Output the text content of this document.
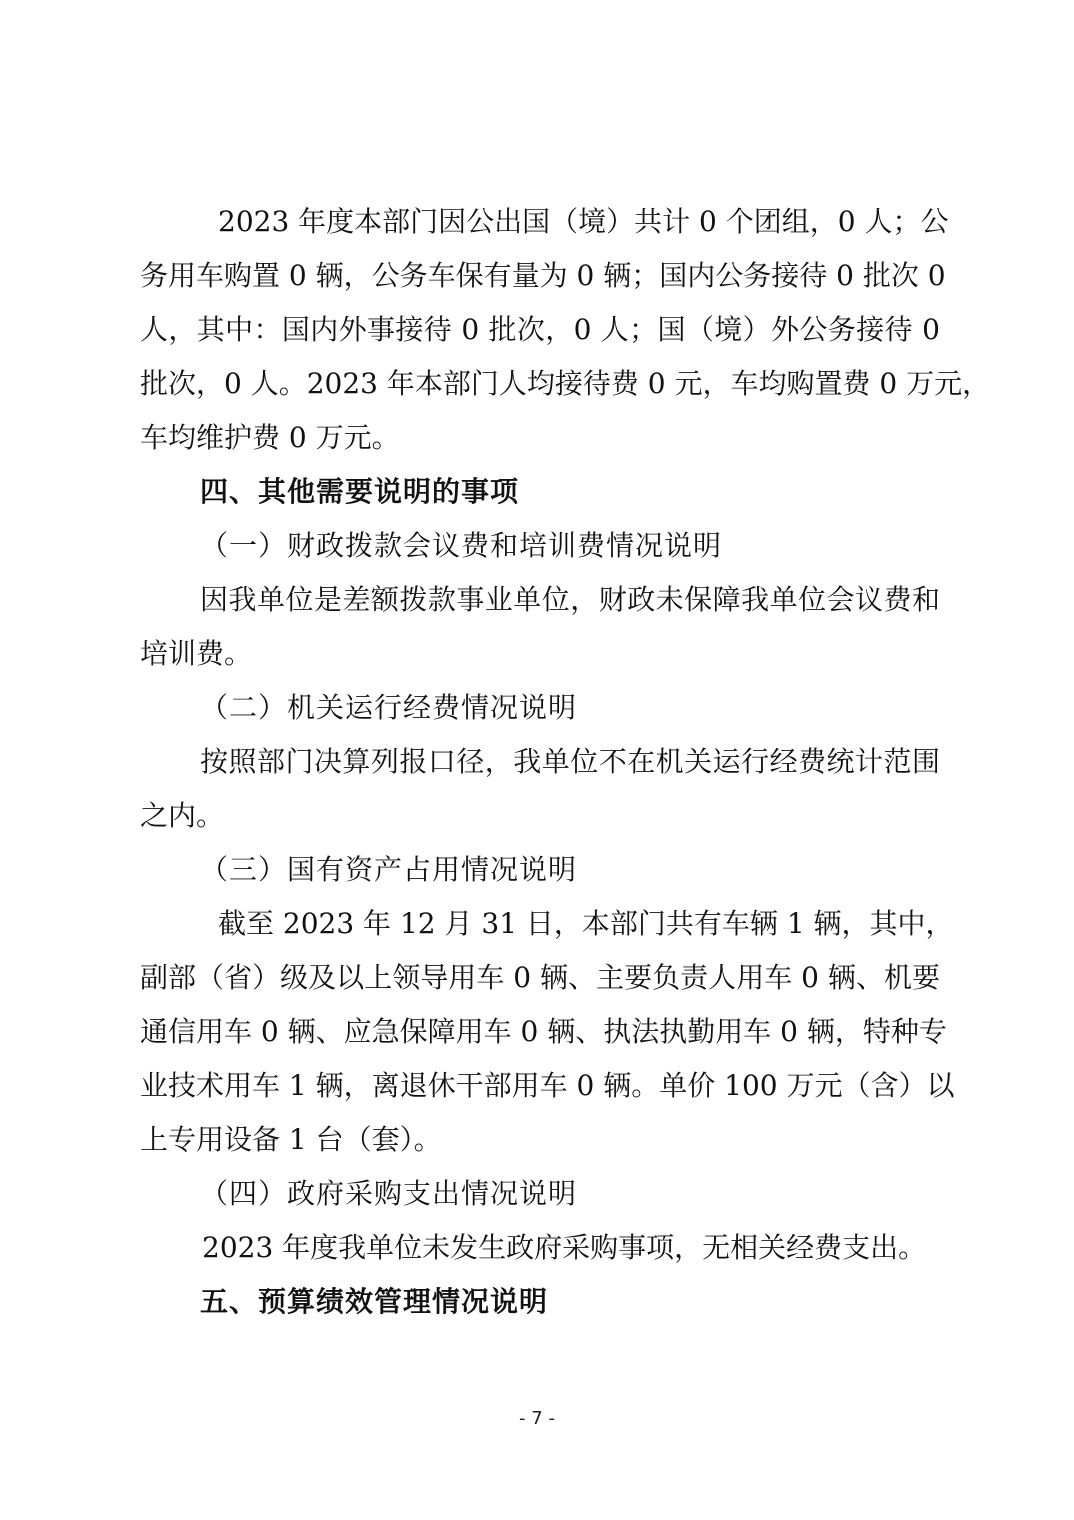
2023 年度本部门因公出国（境）共计 0 个团组，0 人；公
务用车购置 0 辆，公务车保有量为 0 辆；国内公务接待 0 批次 0
人，其中：国内外事接待 0 批次，0 人；国（境）外公务接待 0
批次，0 人。2023 年本部门人均接待费 0 元，车均购置费 0 万元，
车均维护费 0 万元。
四、其他需要说明的事项
（一）财政拨款会议费和培训费情况说明
因我单位是差额拨款事业单位，财政未保障我单位会议费和
培训费。
（二）机关运行经费情况说明
按照部门决算列报口径，我单位不在机关运行经费统计范围
之内。
（三）国有资产占用情况说明
截至 2023 年 12 月 31 日，本部门共有车辆 1 辆，其中，
副部（省）级及以上领导用车 0 辆、主要负责人用车 0 辆、机要
通信用车 0 辆、应急保障用车 0 辆、执法执勤用车 0 辆，特种专
业技术用车 1 辆，离退休干部用车 0 辆。单价 100 万元（含）以
上专用设备 1 台（套）。
（四）政府采购支出情况说明
2023 年度我单位未发生政府采购事项，无相关经费支出。
五、预算绩效管理情况说明
- 7 -
